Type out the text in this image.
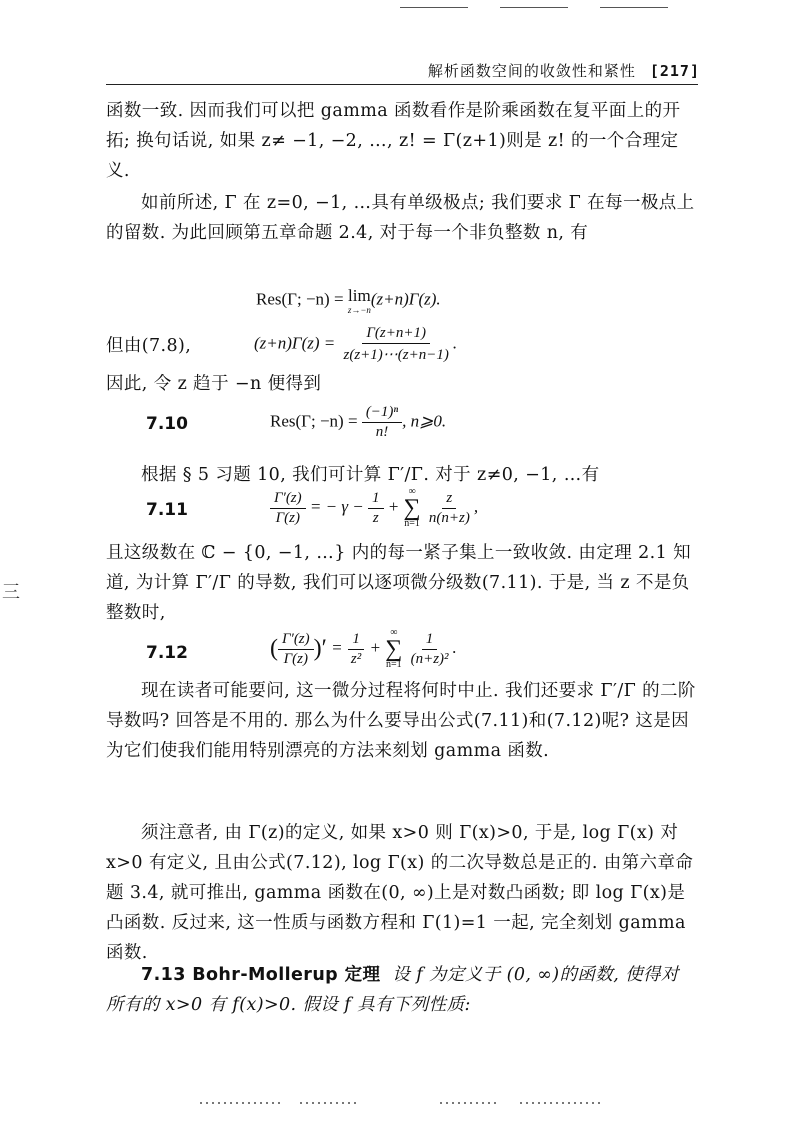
解析函数空间的收敛性和紧性 [217]
函数一致. 因而我们可以把 gamma 函数看作是阶乘函数在复平面上的开拓; 换句话说, 如果 z≠ −1, −2, …, z! = Γ(z+1)则是 z! 的一个合理定义.
如前所述, Γ 在 z=0, −1, …具有单级极点; 我们要求 Γ 在每一极点上的留数. 为此回顾第五章命题 2.4, 对于每一个非负整数 n, 有
Res(Γ; −n) = lim
z→−n
(z+n)Γ(z).
但由(7.8),	$(z+n)\Gamma(z) = \frac{\Gamma(z+n+1)}{z(z+1)\cdots(z+n-1)}$ .
因此, 令 z 趋于 −n 便得到
7.10	Res(Γ; $-n) = \frac{\text{(−1)ⁿ}}{n!}$ , n⩾0.
根据 § 5 习题 10, 我们可计算 Γ′/Γ. 对于 z≠0, −1, …有
7.11	$\frac{\Gamma'(z)}{\Gamma(z)}$ = − $\gamma - \frac{1}{z}$ +
∞
∑
n=1
$\frac{z}{n(n+z)}$ ,
且这级数在 ℂ − {0, −1, …} 内的每一紧子集上一致收敛. 由定理 2.1 知道, 为计算 Γ′/Γ 的导数, 我们可以逐项微分级数(7.11). 于是, 当 z 不是负整数时,
三
7.12	( $\frac{\Gamma'(z)}{\Gamma(z)}$ )′ = $\frac{1}{\text{z²}}$ +
∞
∑
n=1
$\frac{1}{\text{(n+z)²}}$ .
现在读者可能要问, 这一微分过程将何时中止. 我们还要求 Γ′/Γ 的二阶导数吗? 回答是不用的. 那么为什么要导出公式(7.11)和(7.12)呢? 这是因为它们使我们能用特别漂亮的方法来刻划 gamma 函数.
须注意者, 由 Γ(z)的定义, 如果 x>0 则 Γ(x)>0, 于是, log Γ(x) 对 x>0 有定义, 且由公式(7.12), log Γ(x) 的二次导数总是正的. 由第六章命题 3.4, 就可推出, gamma 函数在(0, ∞)上是对数凸函数; 即 log Γ(x)是凸函数. 反过来, 这一性质与函数方程和 Γ(1)=1 一起, 完全刻划 gamma 函数.
7.13 Bohr-Mollerup 定理 设 f 为定义于 (0, ∞)的函数, 使得对所有的 x>0 有 f(x)>0. 假设 f 具有下列性质:
